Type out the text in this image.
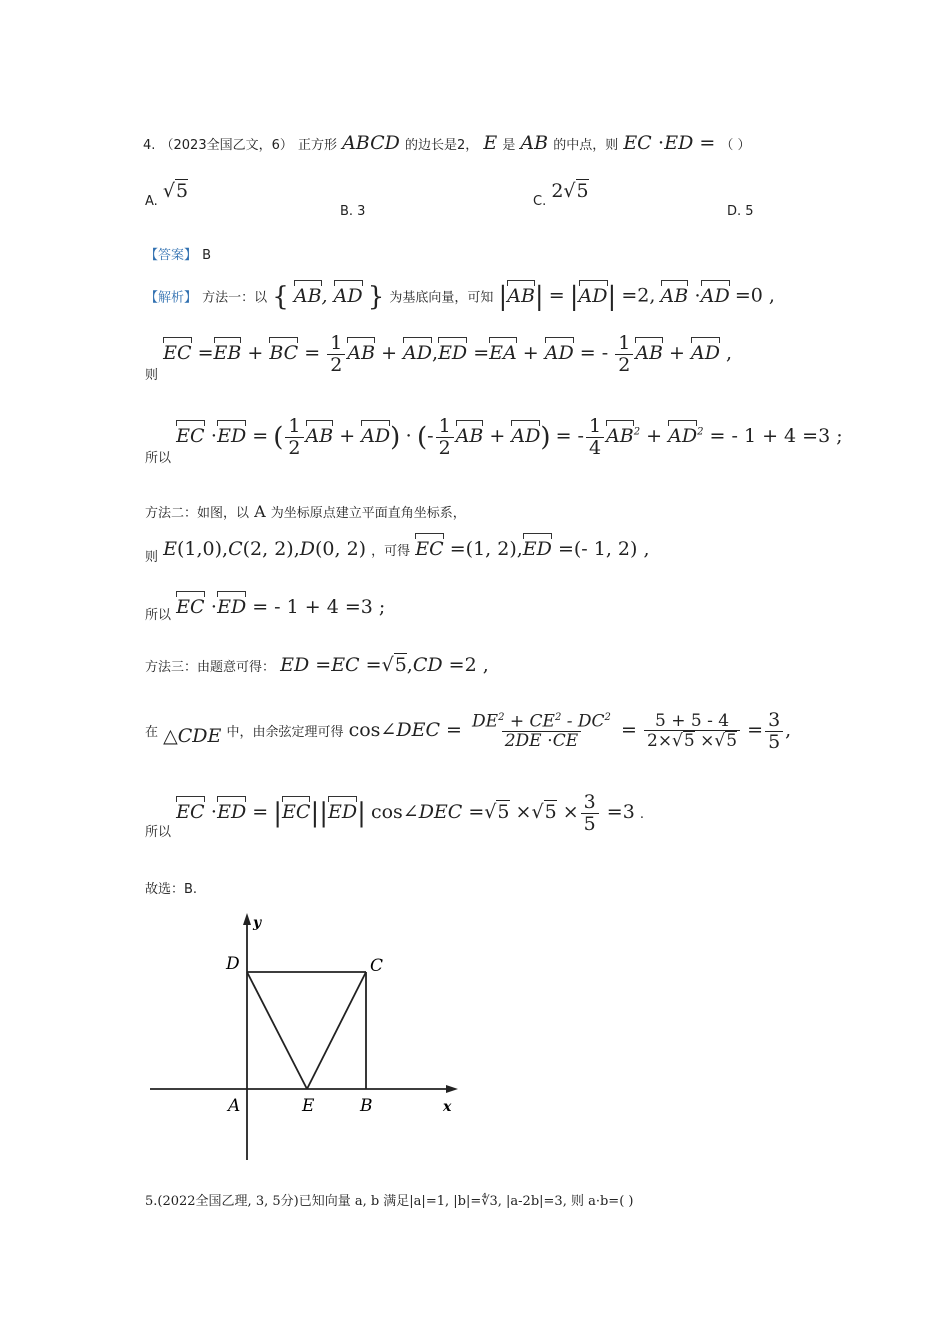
4. （2023全国乙文，6） 正方形 ABCD 的边长是2， E 是 AB 的中点，则 EC ⋅ED = （ ）
A. √5
B. 3
C. 2√5
D. 5
【答案】 B
【解析】 方法一：以 { AB, AD } 为基底向量，可知 |AB| = |AD| =2, AB ⋅AD =0 ,
$_则$ EC =EB + BC = $\frac{1}{2}$ AB + AD,ED =EA + AD = - $\frac{1}{2}$ AB + AD ,
$_{所以}$ EC ⋅ED = ( $\frac{1}{2}$ AB + AD) ⋅ (- $\frac{1}{2}$ AB + AD) = - $\frac{1}{4} AB^2 + AD^2$ = - 1 + 4 =3 ;
方法二：如图，以 A 为坐标原点建立平面直角坐标系，
$_则$ E(1,0),C(2, 2),D(0, 2) ，可得 EC =(1, 2),ED =(- 1, 2) ,
$_{所以}$ EC ⋅ED = - 1 + 4 =3 ;
方法三：由题意可得： ED =EC =√5,CD =2 ,
在 △CDE 中，由余弦定理可得 cos∠DEC = $\frac{DE^2 + CE^2 - DC^2}{2DE \cdot CE} = \frac{5 + 5 - 4}{2\times√5 \times√5} = \frac{3}{5}$ ,
$_{所以}$ EC ⋅ED = |EC||ED| cos∠DEC $=√5 \times√5 \times \frac{3}{5} =3$ .
故选：B.
D	C
A	E	B	x
y
5.(2022全国乙理, 3, 5分)已知向量 a, b 满足|a|=1, |b|=∜3, |a-2b|=3, 则 a·b=( )
